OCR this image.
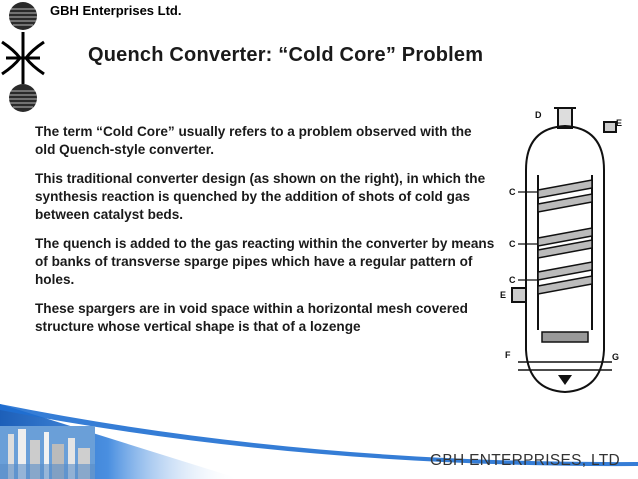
GBH Enterprises Ltd.
Quench Converter: “Cold Core” Problem

The term “Cold Core” usually refers to a problem observed with the old Quench-style converter.

This traditional converter design (as shown on the right), in which the synthesis reaction is quenched by the addition of shots of cold gas between catalyst beds.

The quench is added to the gas reacting within the converter by means of banks of transverse sparge pipes which have a regular pattern of holes.

These spargers are in void space within a horizontal mesh covered structure whose vertical shape is that of a lozenge

D
E
C
C
C
E
F	G
GBH ENTERPRISES, LTD
